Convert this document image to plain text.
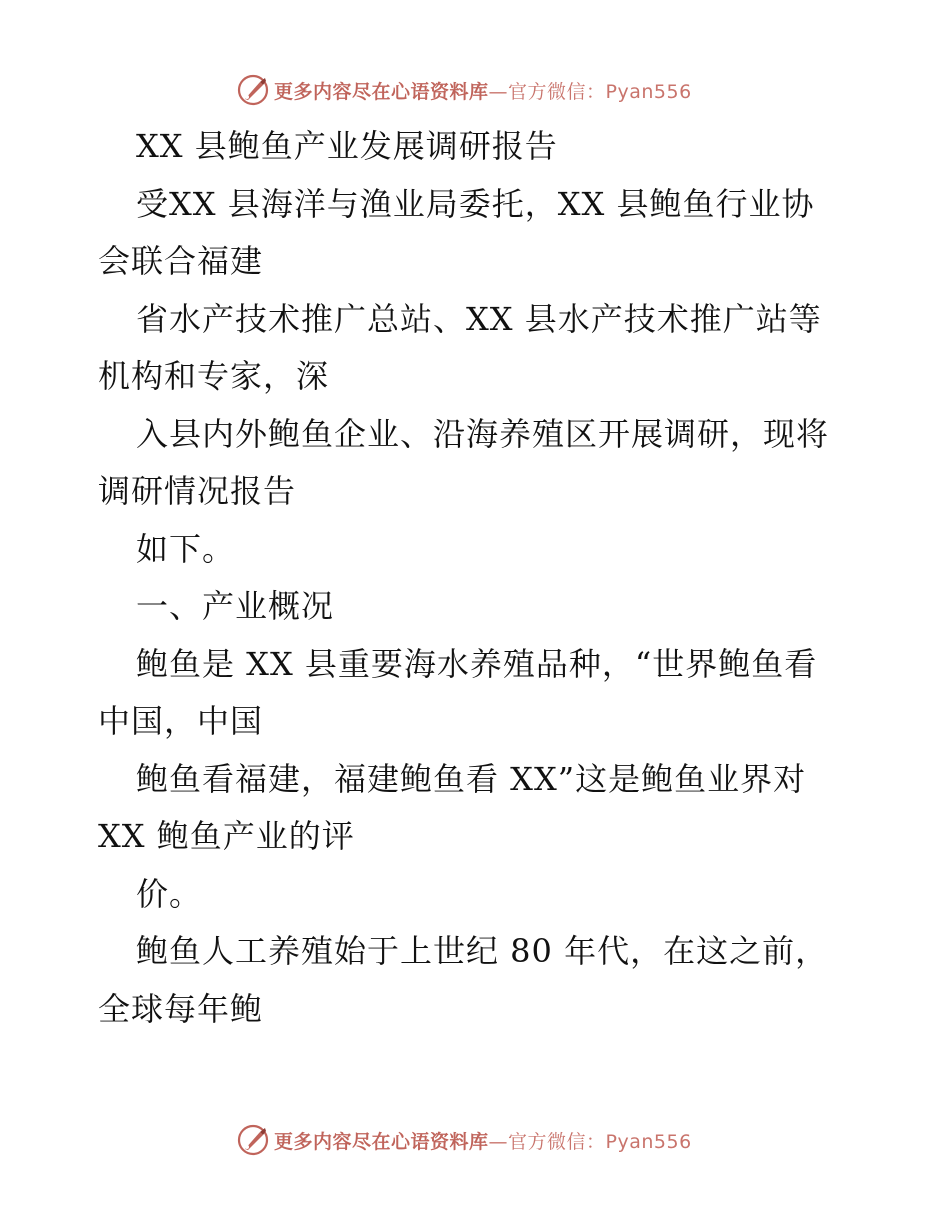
更多内容尽在心语资料库—官方微信：Pyan556
XX 县鲍鱼产业发展调研报告
受XX 县海洋与渔业局委托，XX 县鲍鱼行业协
会联合福建
省水产技术推广总站、XX 县水产技术推广站等
机构和专家，深
入县内外鲍鱼企业、沿海养殖区开展调研，现将
调研情况报告
如下。
一、产业概况
鲍鱼是 XX 县重要海水养殖品种，“世界鲍鱼看
中国，中国
鲍鱼看福建，福建鲍鱼看 XX”这是鲍鱼业界对
XX 鲍鱼产业的评
价。
鲍鱼人工养殖始于上世纪 80 年代，在这之前，
全球每年鲍
更多内容尽在心语资料库—官方微信：Pyan556
